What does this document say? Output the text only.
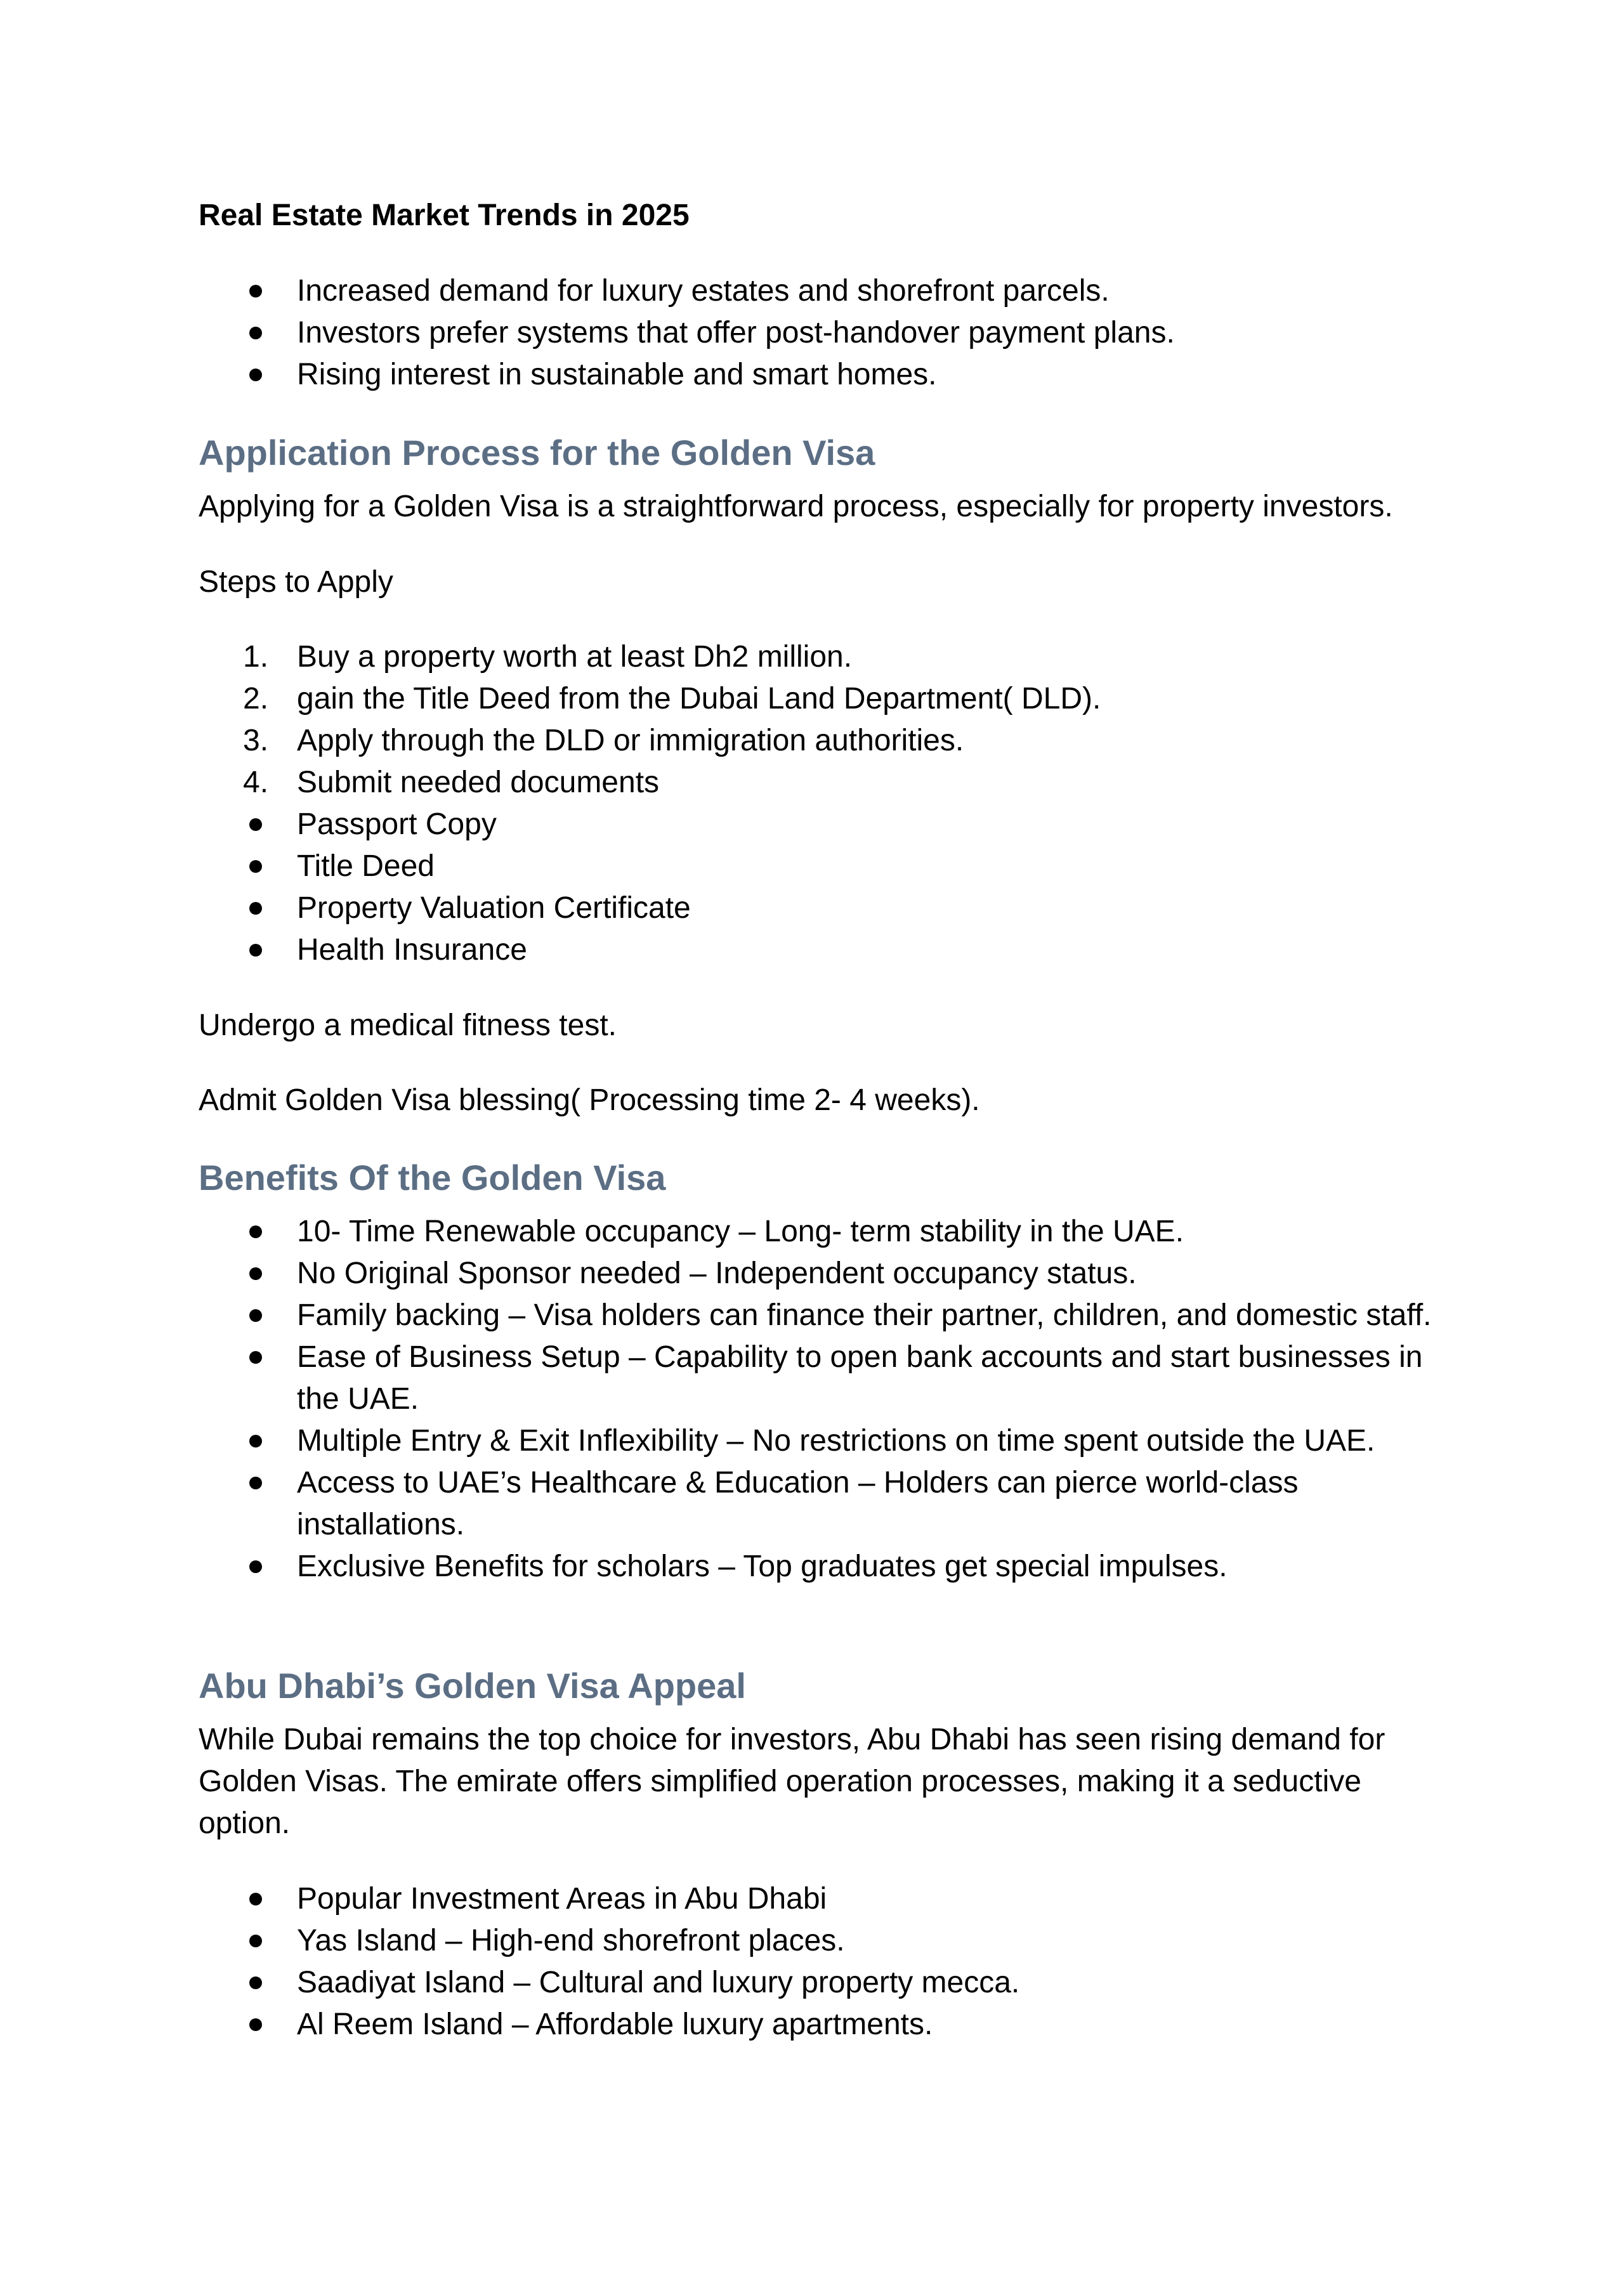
Real Estate Market Trends in 2025

Increased demand for luxury estates and shorefront parcels.
Investors prefer systems that offer post-handover payment plans.
Rising interest in sustainable and smart homes.
Application Process for the Golden Visa

Applying for a Golden Visa is a straightforward process, especially for property investors.

Steps to Apply

1. Buy a property worth at least Dh2 million.
2. gain the Title Deed from the Dubai Land Department( DLD).
3. Apply through the DLD or immigration authorities.
4. Submit needed documents
Passport Copy
Title Deed
Property Valuation Certificate
Health Insurance

Undergo a medical fitness test.

Admit Golden Visa blessing( Processing time 2- 4 weeks).

Benefits Of the Golden Visa
10- Time Renewable occupancy – Long- term stability in the UAE.
No Original Sponsor needed – Independent occupancy status.
Family backing – Visa holders can finance their partner, children, and domestic staff.
Ease of Business Setup – Capability to open bank accounts and start businesses in the UAE.
Multiple Entry & Exit Inflexibility – No restrictions on time spent outside the UAE.
Access to UAE’s Healthcare & Education – Holders can pierce world-class installations.
Exclusive Benefits for scholars – Top graduates get special impulses.
Abu Dhabi’s Golden Visa Appeal

While Dubai remains the top choice for investors, Abu Dhabi has seen rising demand for Golden Visas. The emirate offers simplified operation processes, making it a seductive option.

Popular Investment Areas in Abu Dhabi
Yas Island – High-end shorefront places.
Saadiyat Island – Cultural and luxury property mecca.
Al Reem Island – Affordable luxury apartments.
